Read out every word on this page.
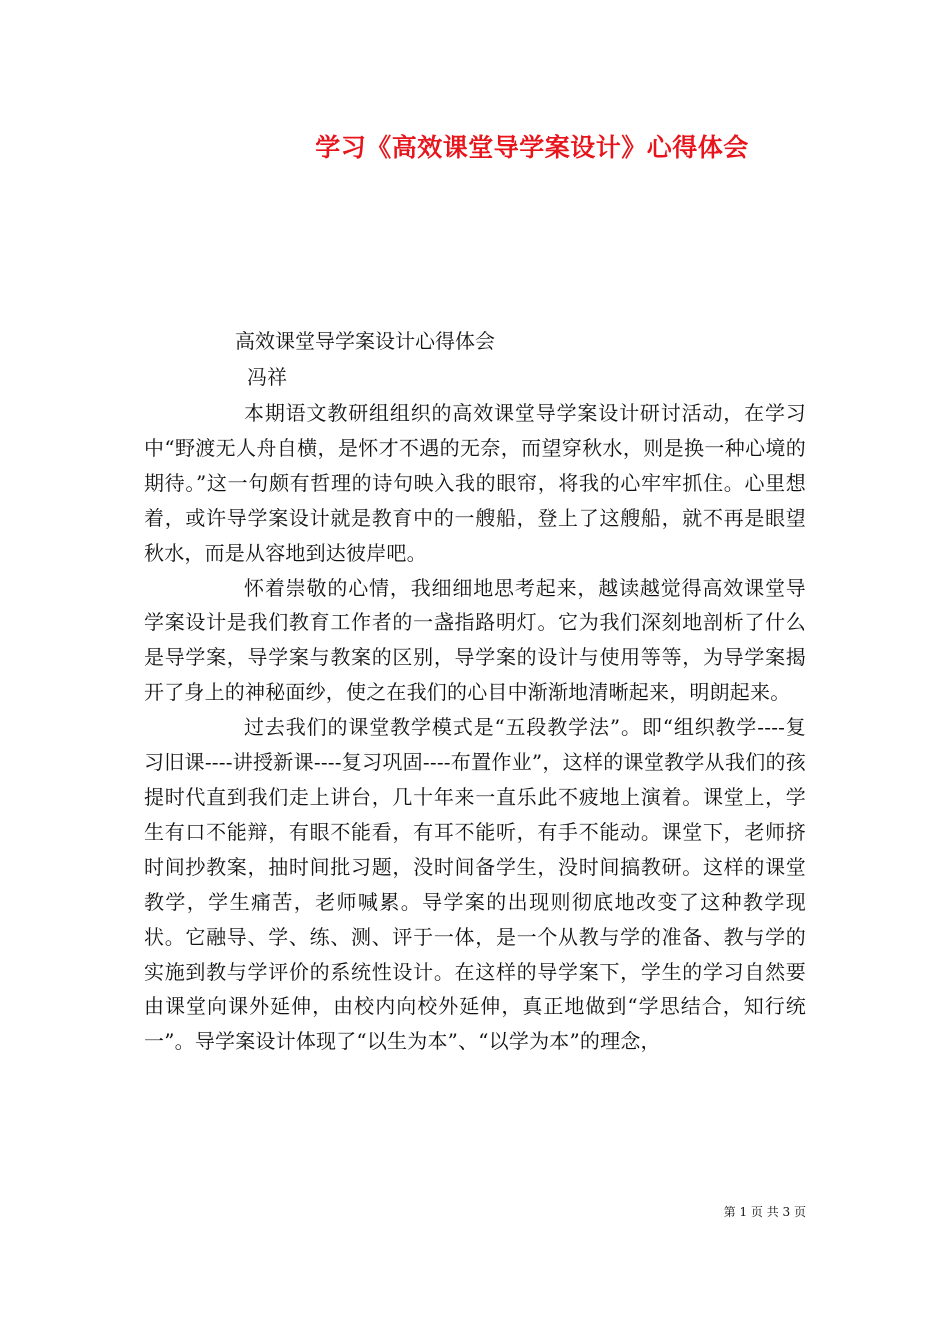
学习《高效课堂导学案设计》心得体会
高效课堂导学案设计心得体会
冯祥

本期语文教研组组织的高效课堂导学案设计研讨活动，在学习中“野渡无人舟自横，是怀才不遇的无奈，而望穿秋水，则是换一种心境的期待。”这一句颇有哲理的诗句映入我的眼帘，将我的心牢牢抓住。心里想着，或许导学案设计就是教育中的一艘船，登上了这艘船，就不再是眼望秋水，而是从容地到达彼岸吧。

怀着崇敬的心情，我细细地思考起来，越读越觉得高效课堂导学案设计是我们教育工作者的一盏指路明灯。它为我们深刻地剖析了什么是导学案，导学案与教案的区别，导学案的设计与使用等等，为导学案揭开了身上的神秘面纱，使之在我们的心目中渐渐地清晰起来，明朗起来。

过去我们的课堂教学模式是“五段教学法”。即“组织教学----复习旧课----讲授新课----复习巩固----布置作业”，这样的课堂教学从我们的孩提时代直到我们走上讲台，几十年来一直乐此不疲地上演着。课堂上，学生有口不能辩，有眼不能看，有耳不能听，有手不能动。课堂下，老师挤时间抄教案，抽时间批习题，没时间备学生，没时间搞教研。这样的课堂教学，学生痛苦，老师喊累。导学案的出现则彻底地改变了这种教学现状。它融导、学、练、测、评于一体，是一个从教与学的准备、教与学的实施到教与学评价的系统性设计。在这样的导学案下，学生的学习自然要由课堂向课外延伸，由校内向校外延伸，真正地做到“学思结合，知行统一”。导学案设计体现了“以生为本”、“以学为本”的理念，

第 1 页 共 3 页
